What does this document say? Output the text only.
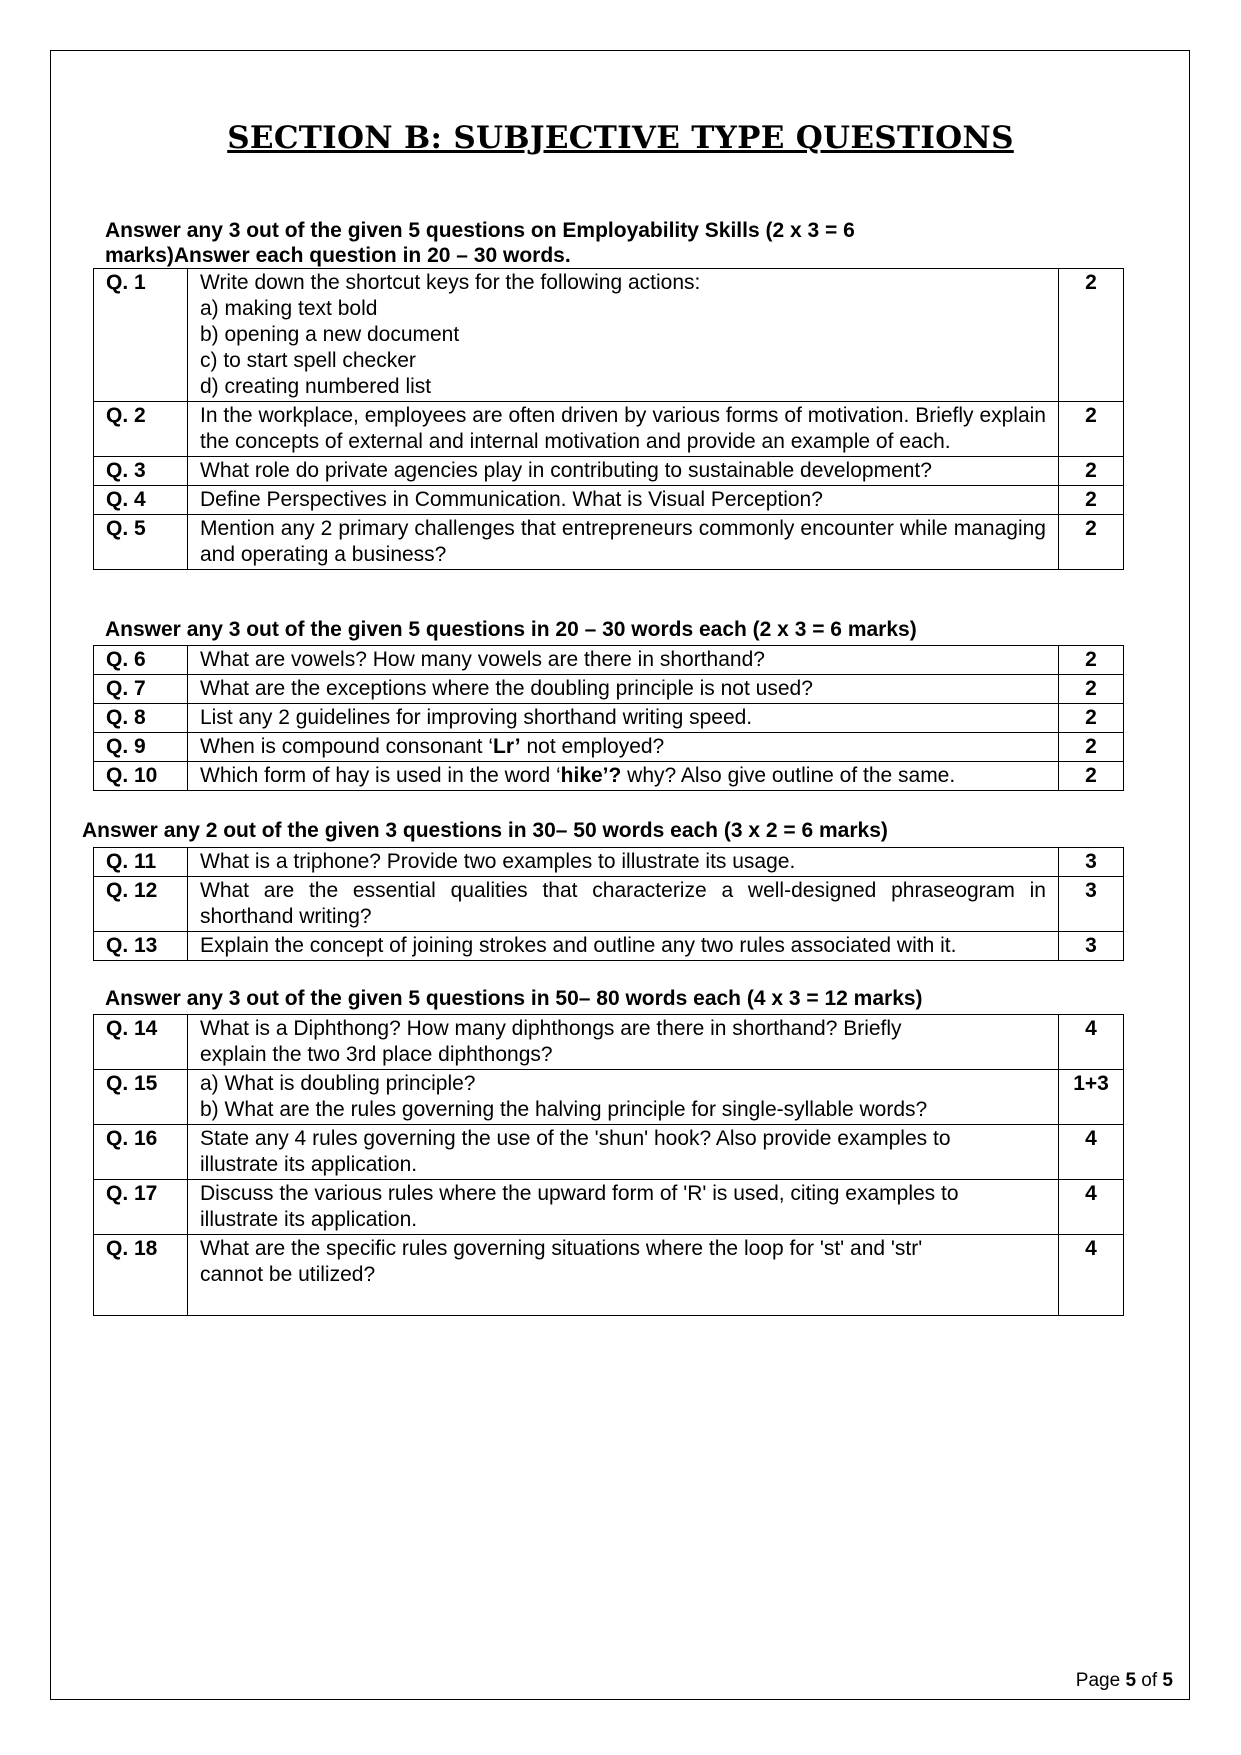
SECTION B: SUBJECTIVE TYPE QUESTIONS
Answer any 3 out of the given 5 questions on Employability Skills (2 x 3 = 6
marks)Answer each question in 20 – 30 words.
Q. 1	Write down the shortcut keys for the following actions:
a) making text bold
b) opening a new document
c) to start spell checker
d) creating numbered list	2
Q. 2	In the workplace, employees are often driven by various forms of motivation. Briefly explain the concepts of external and internal motivation and provide an example of each.	2
Q. 3	What role do private agencies play in contributing to sustainable development?	2
Q. 4	Define Perspectives in Communication. What is Visual Perception?	2
Q. 5	Mention any 2 primary challenges that entrepreneurs commonly encounter while managing and operating a business?	2
Answer any 3 out of the given 5 questions in 20 – 30 words each (2 x 3 = 6 marks)
Q. 6	What are vowels? How many vowels are there in shorthand?	2
Q. 7	What are the exceptions where the doubling principle is not used?	2
Q. 8	List any 2 guidelines for improving shorthand writing speed.	2
Q. 9	When is compound consonant ‘Lr’ not employed?	2
Q. 10	Which form of hay is used in the word ‘hike’? why? Also give outline of the same.	2
Answer any 2 out of the given 3 questions in 30– 50 words each (3 x 2 = 6 marks)
Q. 11	What is a triphone? Provide two examples to illustrate its usage.	3
Q. 12	What are the essential qualities that characterize a well-designed phraseogram in shorthand writing?	3
Q. 13	Explain the concept of joining strokes and outline any two rules associated with it.	3
Answer any 3 out of the given 5 questions in 50– 80 words each (4 x 3 = 12 marks)
Q. 14	What is a Diphthong? How many diphthongs are there in shorthand? Briefly
explain the two 3rd place diphthongs?	4
Q. 15	a) What is doubling principle?
b) What are the rules governing the halving principle for single-syllable words?	1+3
Q. 16	State any 4 rules governing the use of the 'shun' hook? Also provide examples to
illustrate its application.	4
Q. 17	Discuss the various rules where the upward form of 'R' is used, citing examples to
illustrate its application.	4
Q. 18	What are the specific rules governing situations where the loop for 'st' and 'str'
cannot be utilized?	4
Page 5 of 5
